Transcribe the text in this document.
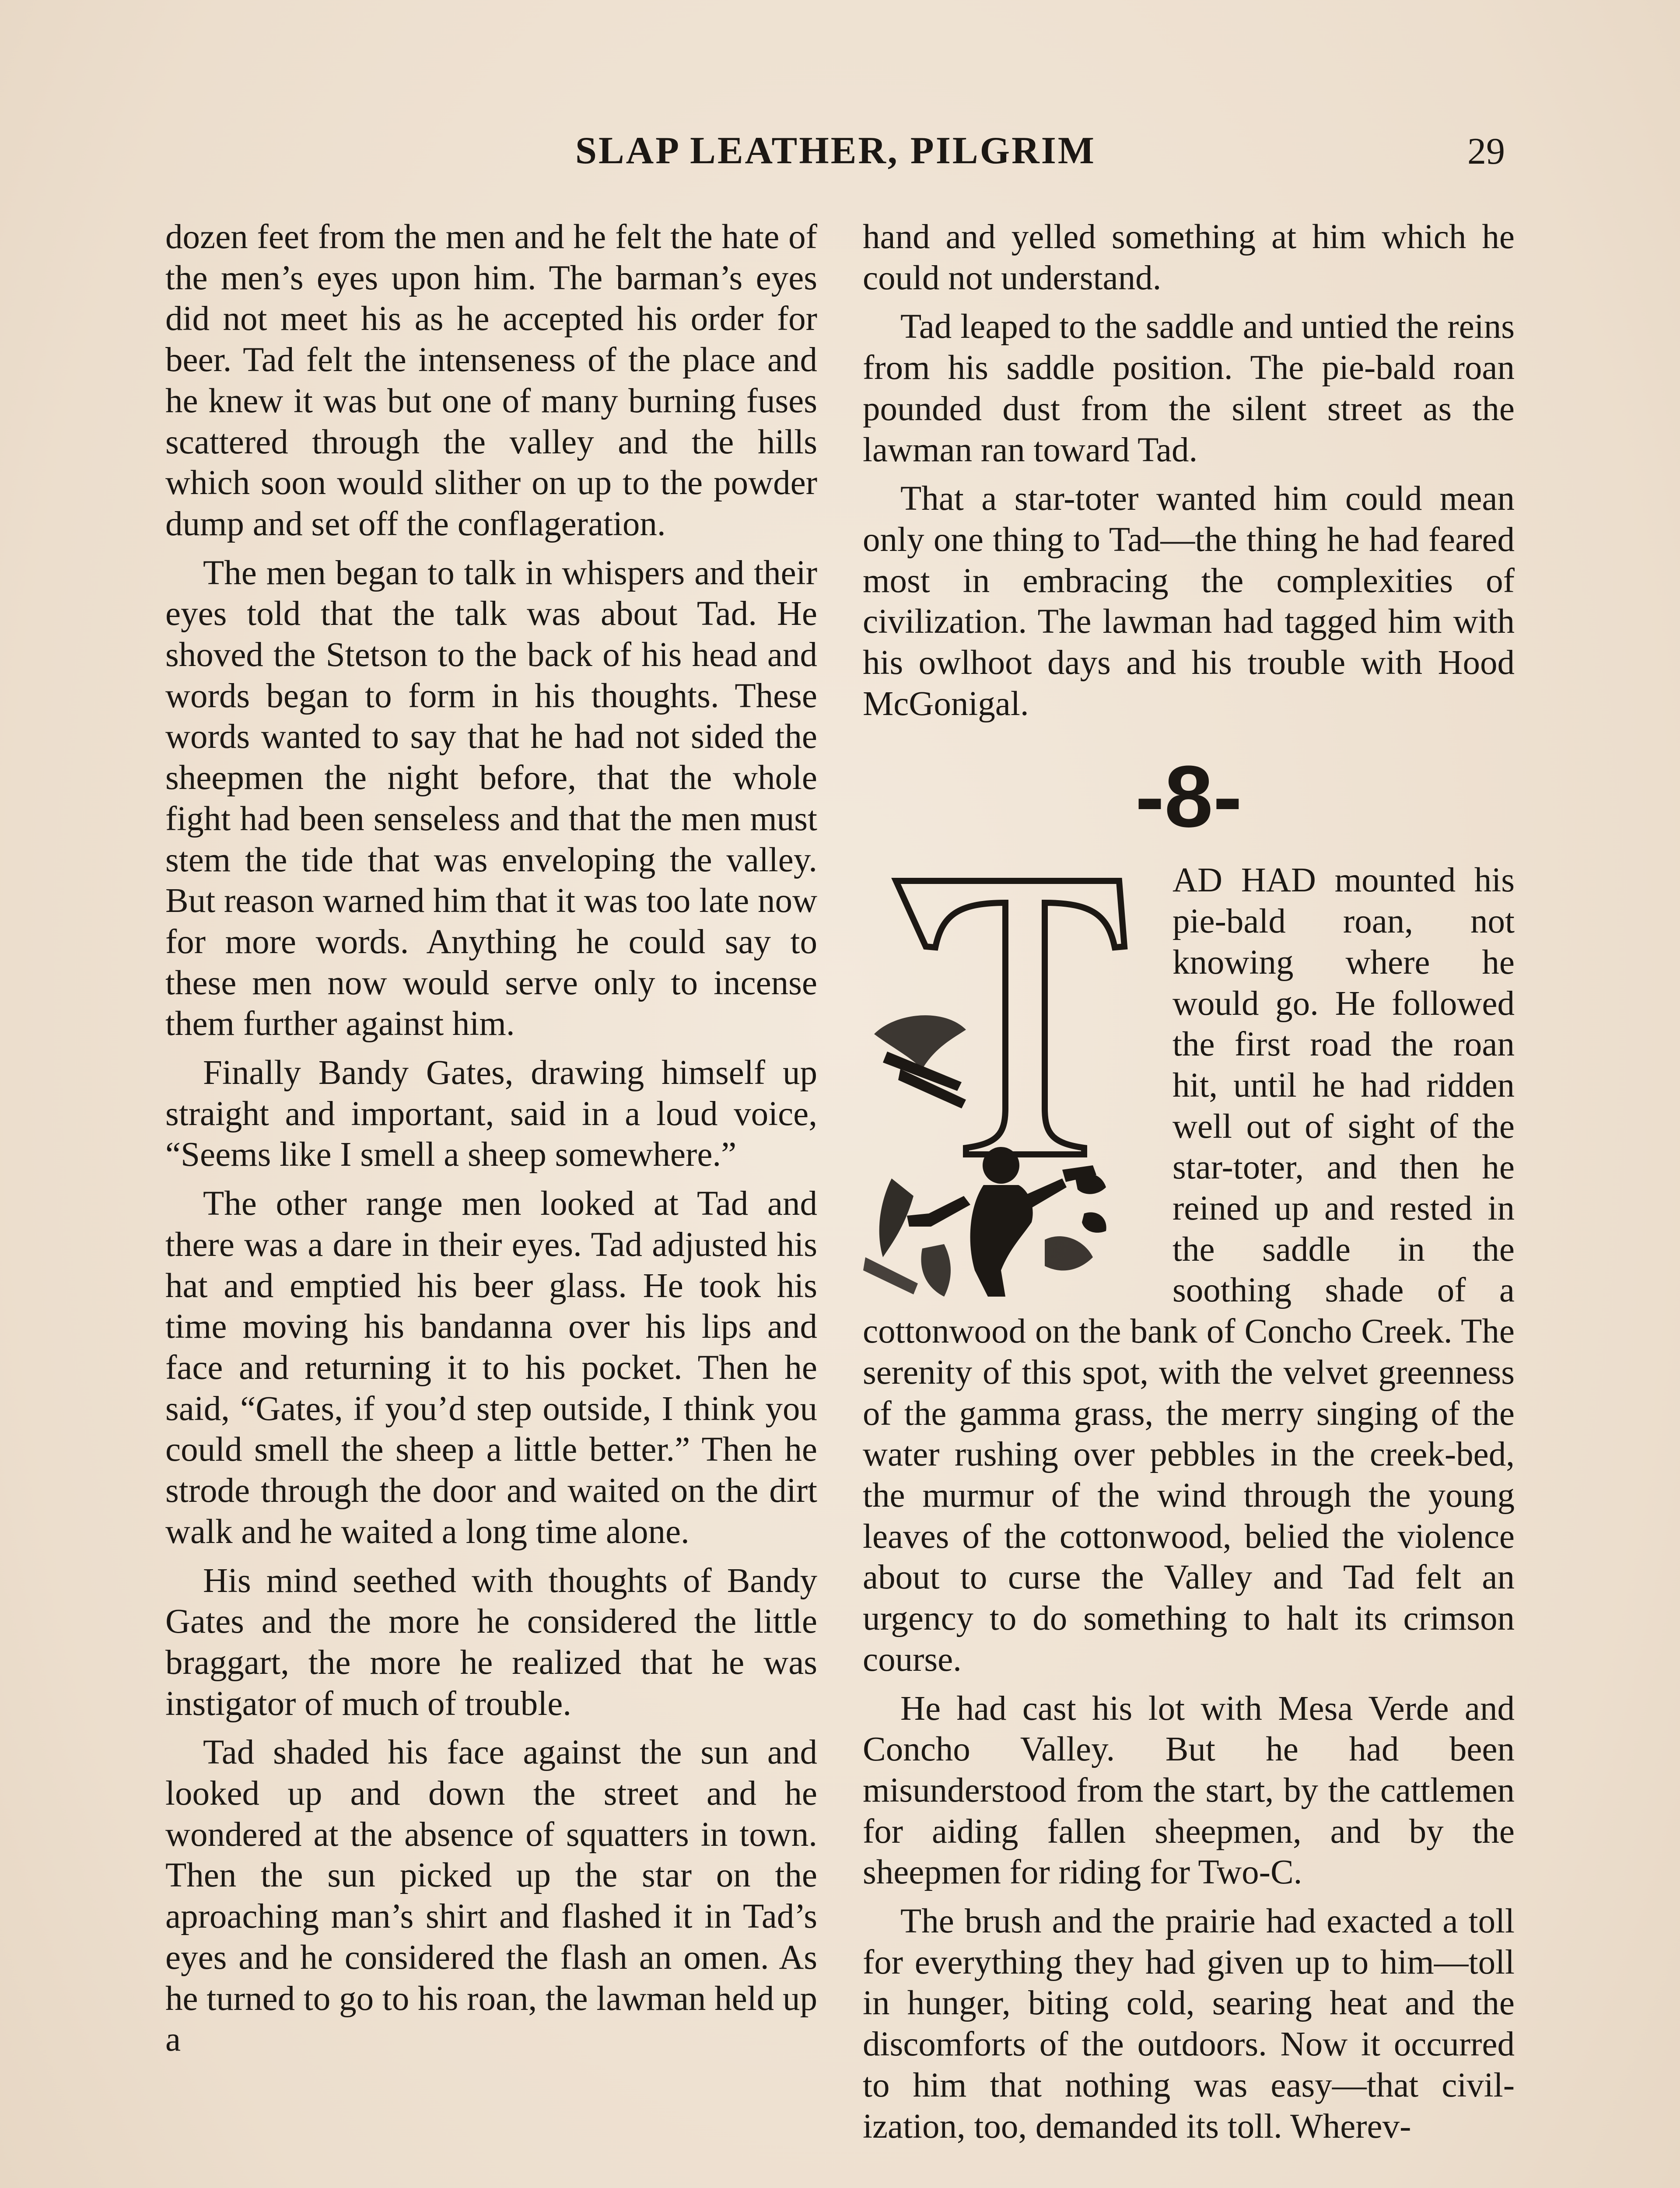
SLAP LEATHER, PILGRIM	29

dozen feet from the men and he felt the hate of the men’s eyes upon him. The barman’s eyes did not meet his as he accepted his order for beer. Tad felt the intenseness of the place and he knew it was but one of many burning fuses scattered through the valley and the hills which soon would slither on up to the powder dump and set off the conflageration.

The men began to talk in whispers and their eyes told that the talk was about Tad. He shoved the Stetson to the back of his head and words began to form in his thoughts. These words wanted to say that he had not sided the sheepmen the night before, that the whole fight had been senseless and that the men must stem the tide that was enveloping the valley. But reason warned him that it was too late now for more words. Anything he could say to these men now would serve only to incense them further against him.

Finally Bandy Gates, drawing himself up straight and important, said in a loud voice, “Seems like I smell a sheep somewhere.”

The other range men looked at Tad and there was a dare in their eyes. Tad adjusted his hat and emptied his beer glass. He took his time moving his bandanna over his lips and face and returning it to his pocket. Then he said, “Gates, if you’d step outside, I think you could smell the sheep a little better.” Then he strode through the door and waited on the dirt walk and he waited a long time alone.

His mind seethed with thoughts of Bandy Gates and the more he considered the little braggart, the more he realized that he was instigator of much of trouble.

Tad shaded his face against the sun and looked up and down the street and he wondered at the absence of squatters in town. Then the sun picked up the star on the aproaching man’s shirt and flashed it in Tad’s eyes and he considered the flash an omen. As he turned to go to his roan, the lawman held up a

hand and yelled something at him which he could not understand.

Tad leaped to the saddle and untied the reins from his saddle position. The pie-bald roan pounded dust from the silent street as the lawman ran toward Tad.

That a star-toter wanted him could mean only one thing to Tad—the thing he had feared most in embracing the complexities of civilization. The lawman had tagged him with his owlhoot days and his trouble with Hood McGonigal.

-8-

AD HAD mounted his pie-bald roan, not knowing where he would go. He followed the first road the roan hit, until he had ridden well out of sight of the star-toter, and then he reined up and rested in the saddle in the soothing shade of a cottonwood on the bank of Concho Creek. The serenity of this spot, with the velvet greenness of the gamma grass, the merry singing of the water rushing over pebbles in the creek-bed, the murmur of the wind through the young leaves of the cottonwood, belied the violence about to curse the Valley and Tad felt an urgency to do something to halt its crimson course.

He had cast his lot with Mesa Verde and Concho Valley. But he had been misunderstood from the start, by the cattlemen for aiding fallen sheepmen, and by the sheepmen for riding for Two-C.

The brush and the prairie had exacted a toll for everything they had given up to him—toll in hunger, biting cold, searing heat and the discomforts of the outdoors. Now it occurred to him that nothing was easy—that civilization, too, demanded its toll. Wherev-
